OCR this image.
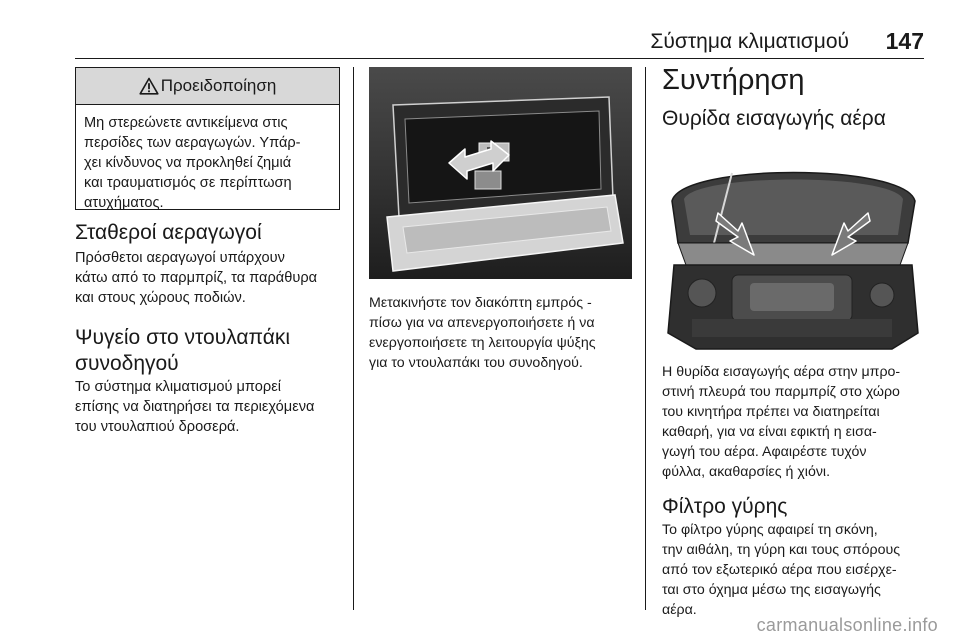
Σύστημα κλιματισμού 147
Προειδοποίηση
Μη στερεώνετε αντικείμενα στις
περσίδες των αεραγωγών. Υπάρ-
χει κίνδυνος να προκληθεί ζημιά
και τραυματισμός σε περίπτωση
ατυχήματος.
Σταθεροί αεραγωγοί
Πρόσθετοι αεραγωγοί υπάρχουν
κάτω από το παρμπρίζ, τα παράθυρα
και στους χώρους ποδιών.
Ψυγείο στο ντουλαπάκι
συνοδηγού
Το σύστημα κλιματισμού μπορεί
επίσης να διατηρήσει τα περιεχόμενα
του ντουλαπιού δροσερά.
Μετακινήστε τον διακόπτη εμπρός -
πίσω για να απενεργοποιήσετε ή να
ενεργοποιήσετε τη λειτουργία ψύξης
για το ντουλαπάκι του συνοδηγού.
Συντήρηση
Θυρίδα εισαγωγής αέρα
Η θυρίδα εισαγωγής αέρα στην μπρο-
στινή πλευρά του παρμπρίζ στο χώρο
του κινητήρα πρέπει να διατηρείται
καθαρή, για να είναι εφικτή η εισα-
γωγή του αέρα. Αφαιρέστε τυχόν
φύλλα, ακαθαρσίες ή χιόνι.
Φίλτρο γύρης
Το φίλτρο γύρης αφαιρεί τη σκόνη,
την αιθάλη, τη γύρη και τους σπόρους
από τον εξωτερικό αέρα που εισέρχε-
ται στο όχημα μέσω της εισαγωγής
αέρα.
carmanualsonline.info
